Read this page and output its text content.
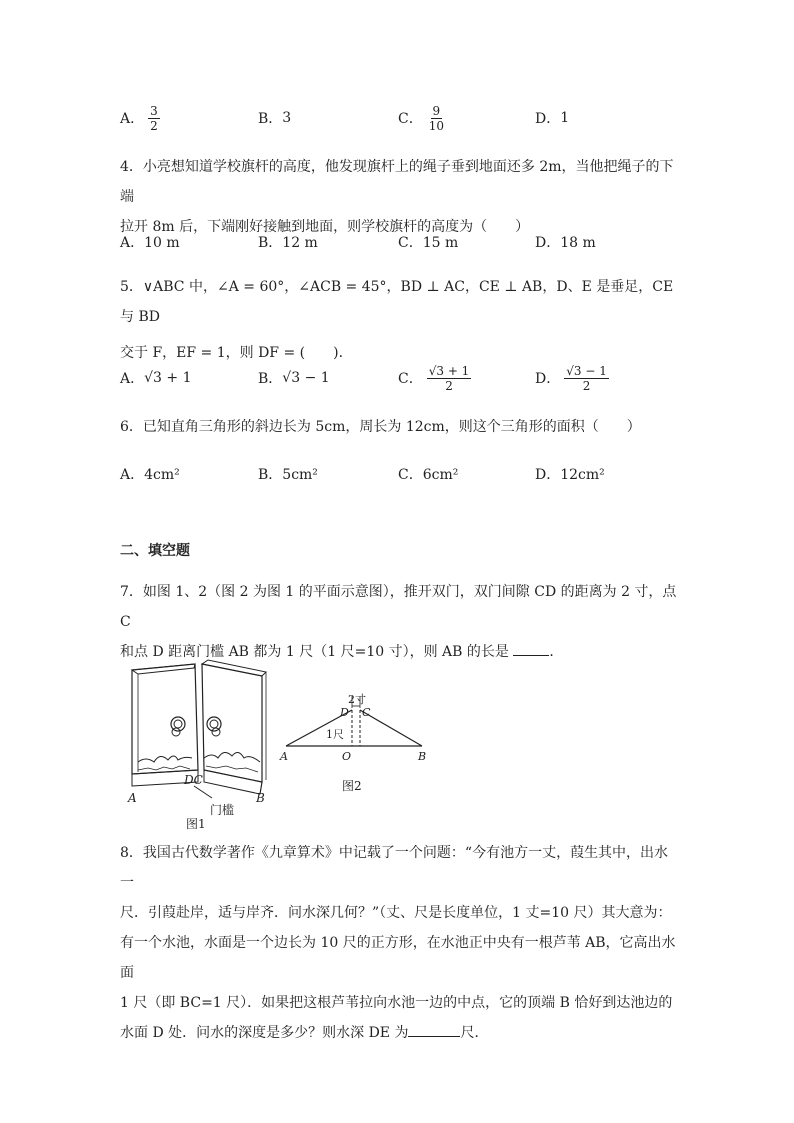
A． $\frac{3}{2}$	B． 3	C． $\frac{9}{10}$	D． 1
4．小亮想知道学校旗杆的高度，他发现旗杆上的绳子垂到地面还多 2m，当他把绳子的下端
拉开 8m 后，下端刚好接触到地面，则学校旗杆的高度为（　　）
A．10 m	B．12 m	C．15 m	D．18 m
5．∨ABC 中，∠A = 60°，∠ACB = 45°，BD ⊥ AC，CE ⊥ AB，D、E 是垂足，CE 与 BD
交于 F，EF = 1，则 DF = (　　)．
A． √3 + 1	B． √3 − 1	C． $\frac{√3 + 1}{2}$	D． $\frac{√3 - 1}{2}$
6．已知直角三角形的斜边长为 5cm，周长为 12cm，则这个三角形的面积（　　）
A．4cm²	B．5cm²	C．6cm²	D．12cm²
二、填空题
7．如图 1、2（图 2 为图 1 的平面示意图），推开双门，双门间隙 CD 的距离为 2 寸，点 C
和点 D 距离门槛 AB 都为 1 尺（1 尺=10 寸），则 AB 的长是	．
A	B
DC
门槛
图1
2寸
D C
1尺
A	O	B
图2
8．我国古代数学著作《九章算术》中记载了一个问题：“今有池方一丈，葭生其中，出水一
尺．引葭赴岸，适与岸齐．问水深几何？”（丈、尺是长度单位，1 丈=10 尺）其大意为：
有一个水池，水面是一个边长为 10 尺的正方形，在水池正中央有一根芦苇 AB，它高出水面
1 尺（即 BC=1 尺）．如果把这根芦苇拉向水池一边的中点，它的顶端 B 恰好到达池边的
水面 D 处．问水的深度是多少？则水深 DE 为	尺．
